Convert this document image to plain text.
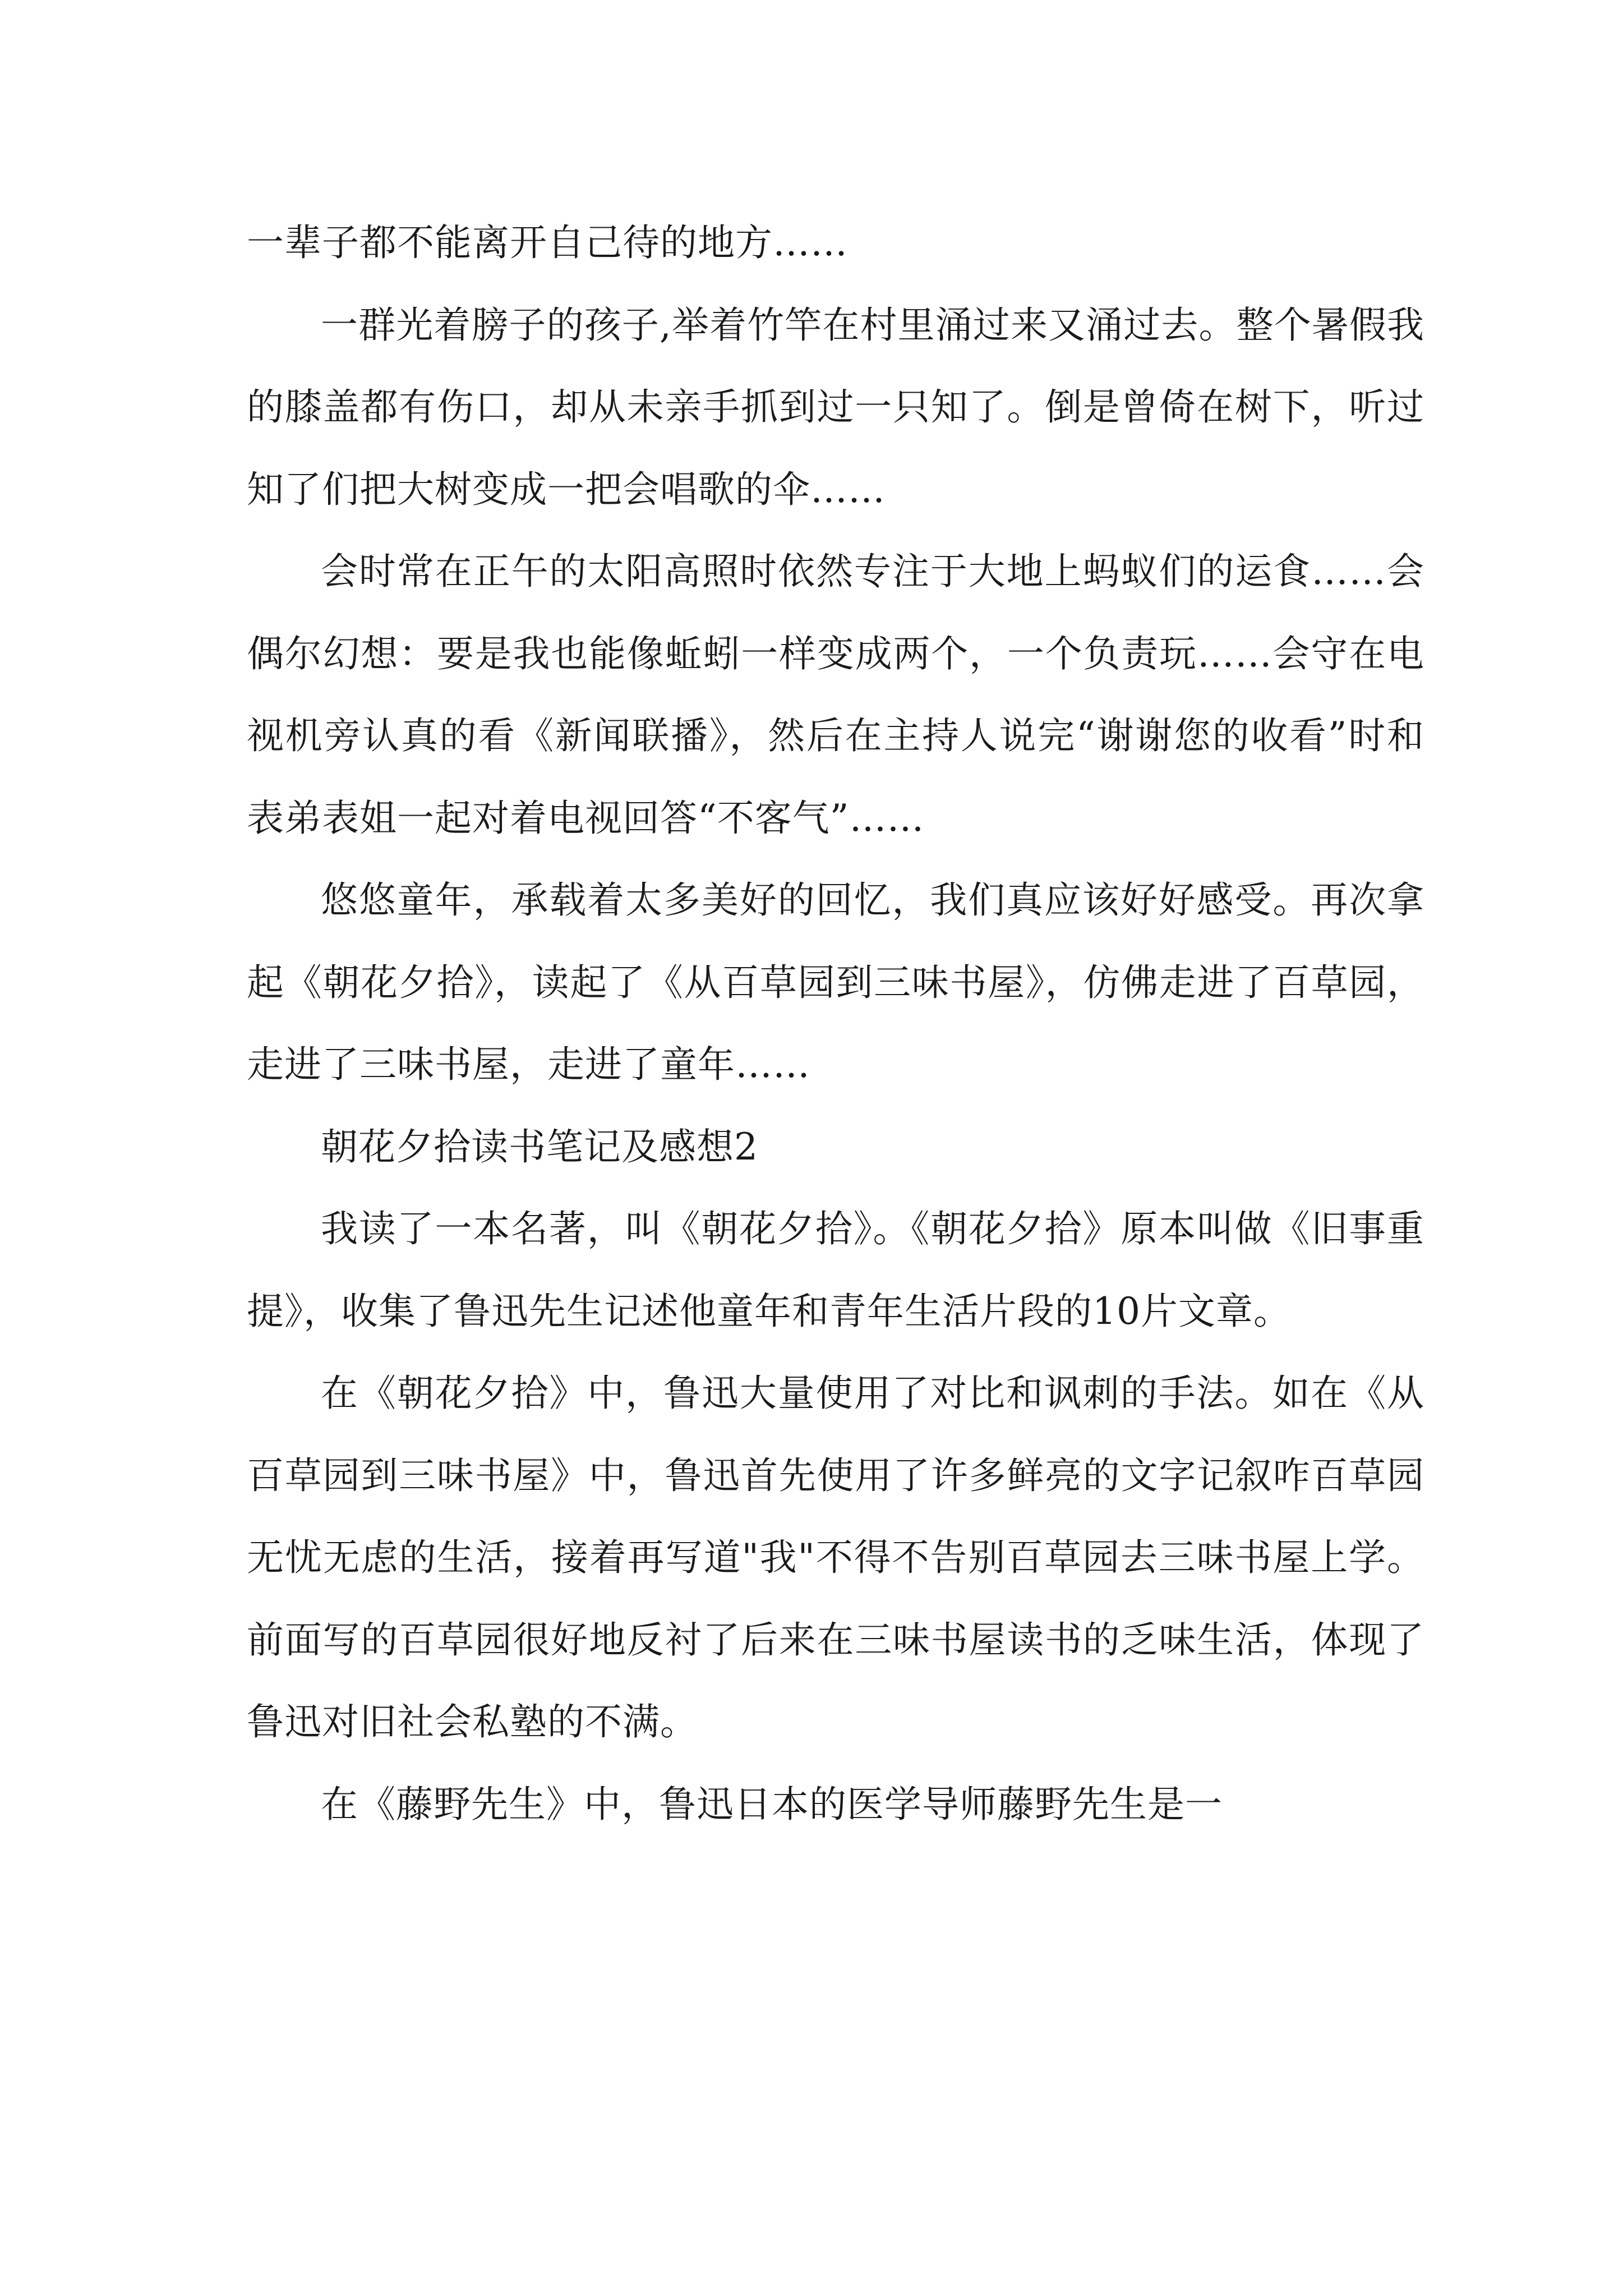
一辈子都不能离开自己待的地方……

一群光着膀子的孩子,举着竹竿在村里涌过来又涌过去。整个暑假我的膝盖都有伤口，却从未亲手抓到过一只知了。倒是曾倚在树下，听过知了们把大树变成一把会唱歌的伞……

会时常在正午的太阳高照时依然专注于大地上蚂蚁们的运食……会偶尔幻想：要是我也能像蚯蚓一样变成两个，一个负责玩……会守在电视机旁认真的看《新闻联播》，然后在主持人说完“谢谢您的收看”时和表弟表姐一起对着电视回答“不客气”……

悠悠童年，承载着太多美好的回忆，我们真应该好好感受。再次拿起《朝花夕拾》，读起了《从百草园到三味书屋》，仿佛走进了百草园，走进了三味书屋，走进了童年……

朝花夕拾读书笔记及感想2

我读了一本名著，叫《朝花夕拾》。《朝花夕拾》原本叫做《旧事重提》，收集了鲁迅先生记述他童年和青年生活片段的10片文章。

在《朝花夕拾》中，鲁迅大量使用了对比和讽刺的手法。如在《从百草园到三味书屋》中，鲁迅首先使用了许多鲜亮的文字记叙咋百草园无忧无虑的生活，接着再写道"我"不得不告别百草园去三味书屋上学。前面写的百草园很好地反衬了后来在三味书屋读书的乏味生活，体现了鲁迅对旧社会私塾的不满。

在《藤野先生》中，鲁迅日本的医学导师藤野先生是一
